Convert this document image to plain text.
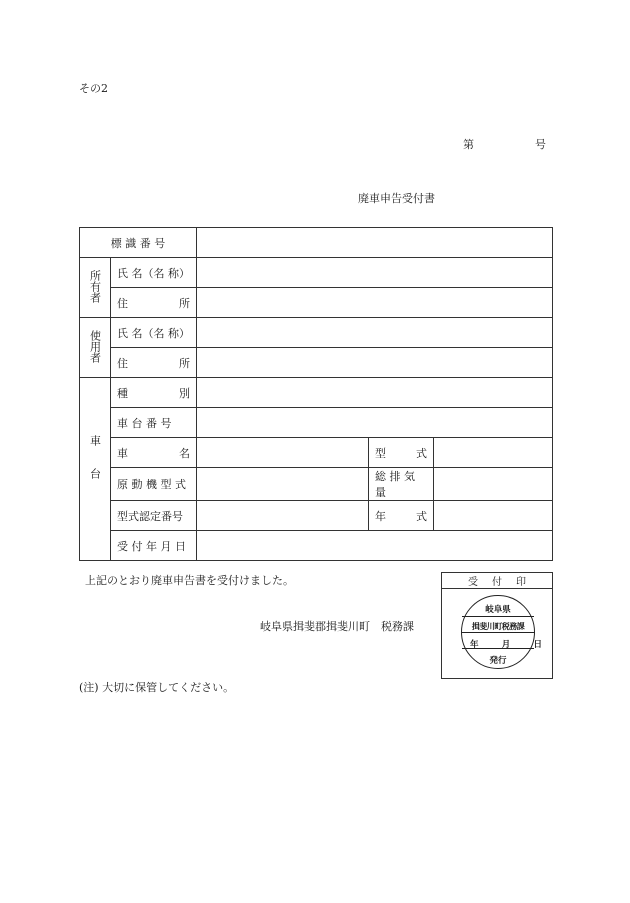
その2
第	号
廃車申告受付書
標 識 番 号				
所有者	氏 名（名 称）			

	住 所			

使用者	氏 名（名 称）			

	住 所			

車台	種 別			

	車 台 番 号			

	車 名		型 式	

	原 動 機 型 式		総 排 気 量	

	型式認定番号		年 式	

	受 付 年 月 日			

上記のとおり廃車申告書を受付けました。
岐阜県揖斐郡揖斐川町　税務課
受 付 印
岐阜県
揖斐川町税務課
年	月	日
発行
(注) 大切に保管してください。
